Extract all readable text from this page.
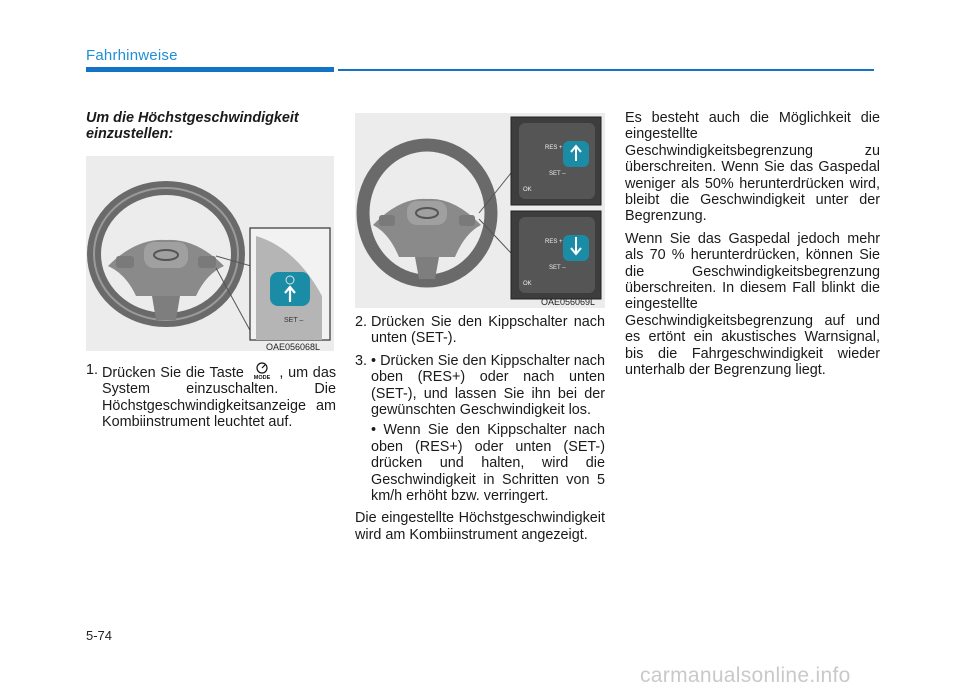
Fahrhinweise

Um die Höchstgeschwindigkeit einzustellen:

SET –
OAE056068L
1. Drücken Sie die Taste MODE , um das System einzuschalten. Die Höchstgeschwindigkeitsanzeige am Kombiinstrument leuchtet auf.
RES +
SET –
OK
RES +
SET –
OK
OAE056069L
2. Drücken Sie den Kippschalter nach unten (SET-).
3. • Drücken Sie den Kippschalter nach oben (RES+) oder nach unten (SET-), und lassen Sie ihn bei der gewünschten Geschwindigkeit los.
• Wenn Sie den Kippschalter nach oben (RES+) oder unten (SET-) drücken und halten, wird die Geschwindigkeit in Schritten von 5 km/h erhöht bzw. verringert.

Die eingestellte Höchstgeschwindigkeit wird am Kombiinstrument angezeigt.

Es besteht auch die Möglichkeit die eingestellte Geschwindigkeitsbegrenzung zu überschreiten. Wenn Sie das Gaspedal weniger als 50% herunterdrücken wird, bleibt die Geschwindigkeit unter der Begrenzung.

Wenn Sie das Gaspedal jedoch mehr als 70 % herunterdrücken, können Sie die Geschwindigkeitsbegrenzung überschreiten. In diesem Fall blinkt die eingestellte Geschwindigkeitsbegrenzung auf und es ertönt ein akustisches Warnsignal, bis die Fahrgeschwindigkeit wieder unterhalb der Begrenzung liegt.

5-74
carmanualsonline.info
